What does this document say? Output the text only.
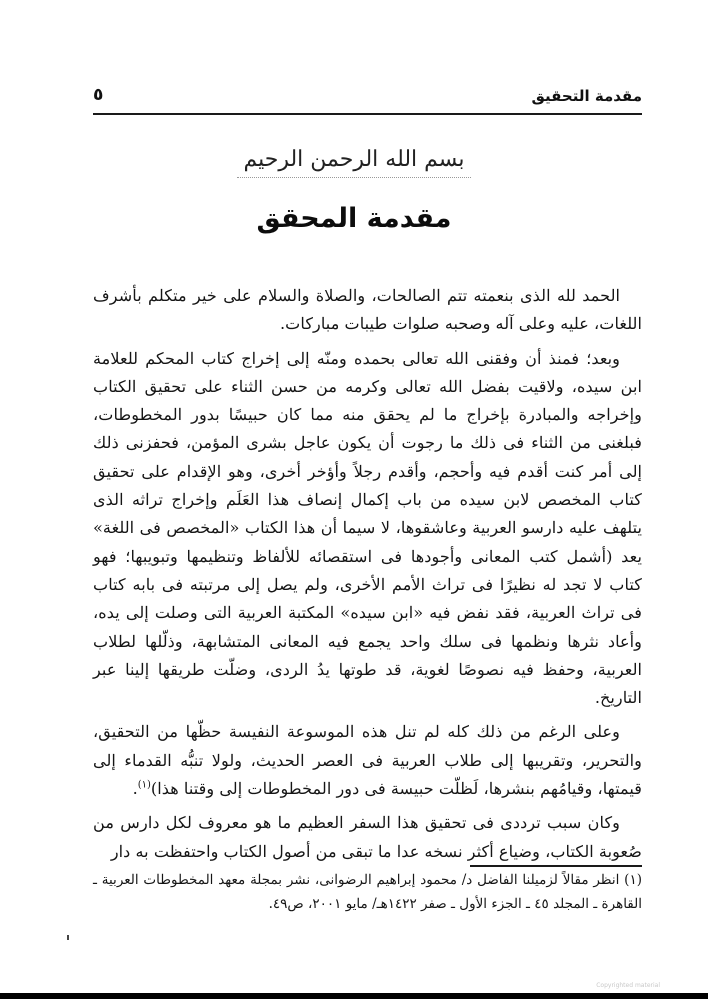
مقدمة التحقيق
٥
بسم الله الرحمن الرحيم
مقدمة المحقق

الحمد لله الذى بنعمته تتم الصالحات، والصلاة والسلام على خير متكلم بأشرف اللغات، عليه وعلى آله وصحبه صلوات طيبات مباركات.

وبعد؛ فمنذ أن وفقنى الله تعالى بحمده ومنّه إلى إخراج كتاب المحكم للعلامة ابن سيده، ولاقيت بفضل الله تعالى وكرمه من حسن الثناء على تحقيق الكتاب وإخراجه والمبادرة بإخراج ما لم يحقق منه مما كان حبيسًا بدور المخطوطات، فبلغنى من الثناء فى ذلك ما رجوت أن يكون عاجل بشرى المؤمن، فحفزنى ذلك إلى أمر كنت أقدم فيه وأحجم، وأقدم رجلاً وأؤخر أخرى، وهو الإقدام على تحقيق كتاب المخصص لابن سيده من باب إكمال إنصاف هذا العَلَم وإخراج تراثه الذى يتلهف عليه دارسو العربية وعاشقوها، لا سيما أن هذا الكتاب «المخصص فى اللغة» يعد (أشمل كتب المعانى وأجودها فى استقصائه للألفاظ وتنظيمها وتبويبها؛ فهو كتاب لا تجد له نظيرًا فى تراث الأمم الأخرى، ولم يصل إلى مرتبته فى بابه كتاب فى تراث العربية، فقد نفض فيه «ابن سيده» المكتبة العربية التى وصلت إلى يده، وأعاد نثرها ونظمها فى سلك واحد يجمع فيه المعانى المتشابهة، وذلّلها لطلاب العربية، وحفظ فيه نصوصًا لغوية، قد طوتها يدُ الردى، وضلّت طريقها إلينا عبر التاريخ.

وعلى الرغم من ذلك كله لم تنل هذه الموسوعة النفيسة حظّها من التحقيق، والتحرير، وتقريبها إلى طلاب العربية فى العصر الحديث، ولولا تنبُّه القدماء إلى قيمتها، وقيامُهم بنشرها، لَظلّت حبيسة فى دور المخطوطات إلى وقتنا هذا)$^{(١)}$.

وكان سبب ترددى فى تحقيق هذا السفر العظيم ما هو معروف لكل دارس من صُعوبة الكتاب، وضياع أكثر نسخه عدا ما تبقى من أصول الكتاب واحتفظت به دار

(١) انظر مقالاً لزميلنا الفاضل د/ محمود إبراهيم الرضوانى، نشر بمجلة معهد المخطوطات العربية ـ القاهرة ـ المجلد ٤٥ ـ الجزء الأول ـ صفر ١٤٢٢هـ/ مايو ٢٠٠١، ص٤٩.

Copyrighted material
